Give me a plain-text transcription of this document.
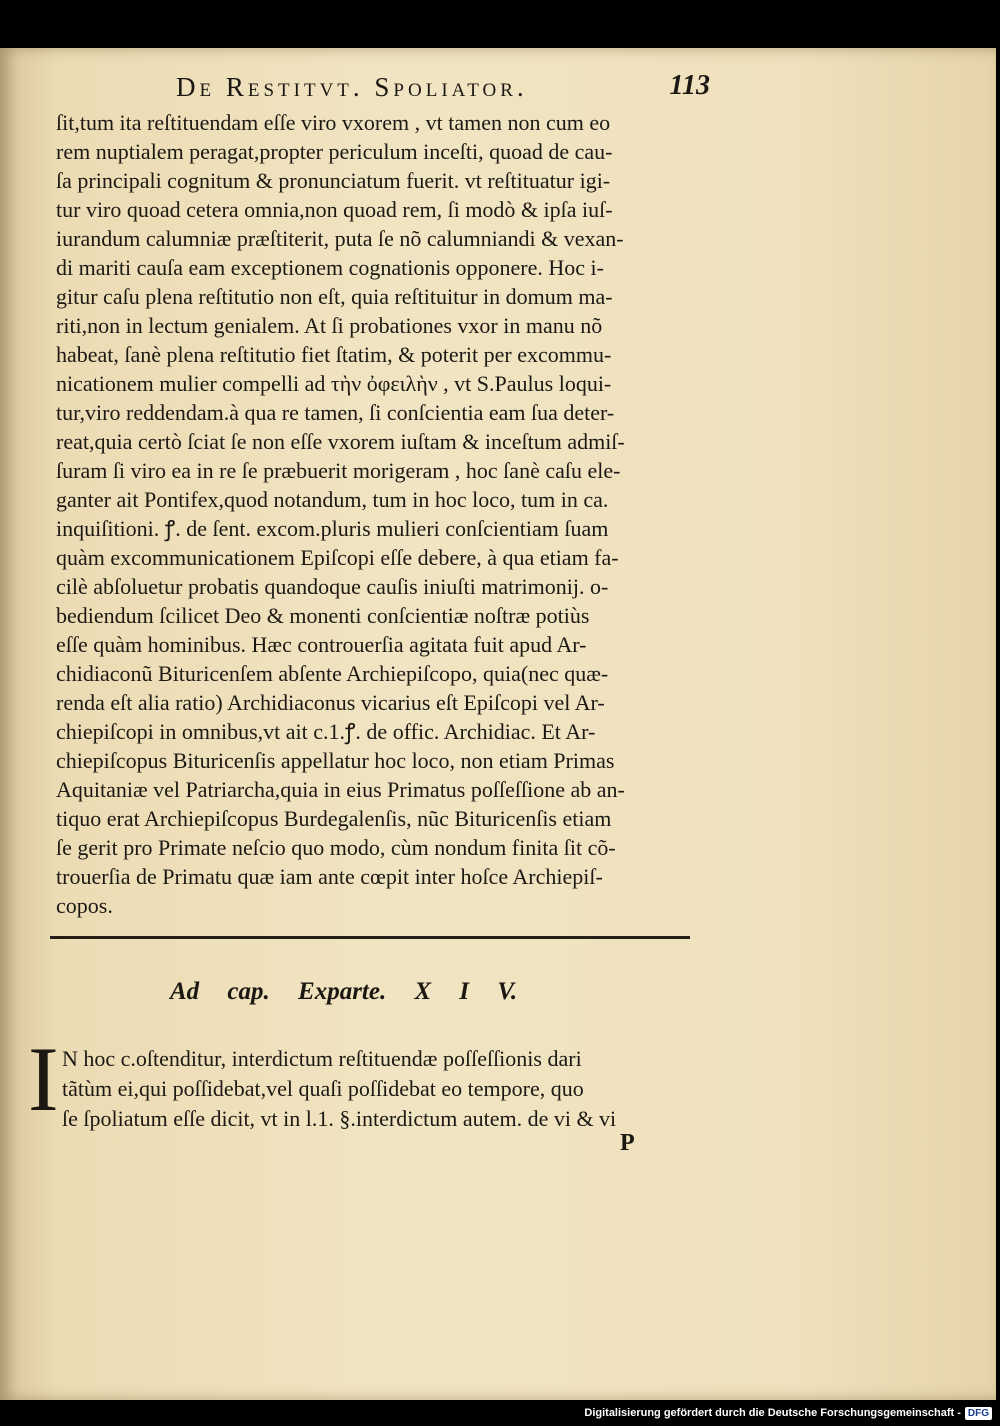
De Restitvt. Spoliator.	113
ſit,tum ita reſtituendam eſſe viro vxorem , vt tamen non cum eo
rem nuptialem peragat,propter periculum inceſti, quoad de cau-
ſa principali cognitum & pronunciatum fuerit. vt reſtituatur igi-
tur viro quoad cetera omnia,non quoad rem, ſi modò & ipſa iuſ-
iurandum calumniæ præſtiterit, puta ſe nõ calumniandi & vexan-
di mariti cauſa eam exceptionem cognationis opponere. Hoc i-
gitur caſu plena reſtitutio non eſt, quia reſtituitur in domum ma-
riti,non in lectum genialem. At ſi probationes vxor in manu nõ
habeat, ſanè plena reſtitutio fiet ſtatim, & poterit per excommu-
nicationem mulier compelli ad τὴν ὀφειλὴν , vt S.Paulus loqui-
tur,viro reddendam.à qua re tamen, ſi conſcientia eam ſua deter-
reat,quia certò ſciat ſe non eſſe vxorem iuſtam & inceſtum admiſ-
ſuram ſi viro ea in re ſe præbuerit morigeram , hoc ſanè caſu ele-
ganter ait Pontifex,quod notandum, tum in hoc loco, tum in ca.
inquiſitioni. ꝭ. de ſent. excom.pluris mulieri conſcientiam ſuam
quàm excommunicationem Epiſcopi eſſe debere, à qua etiam fa-
cilè abſoluetur probatis quandoque cauſis iniuſti matrimonij. o-
bediendum ſcilicet Deo & monenti conſcientiæ noſtræ potiùs
eſſe quàm hominibus. Hæc controuerſia agitata fuit apud Ar-
chidiaconũ Bituricenſem abſente Archiepiſcopo, quia(nec quæ-
renda eſt alia ratio) Archidiaconus vicarius eſt Epiſcopi vel Ar-
chiepiſcopi in omnibus,vt ait c.1.ꝭ. de offic. Archidiac. Et Ar-
chiepiſcopus Bituricenſis appellatur hoc loco, non etiam Primas
Aquitaniæ vel Patriarcha,quia in eius Primatus poſſeſſione ab an-
tiquo erat Archiepiſcopus Burdegalenſis, nũc Bituricenſis etiam
ſe gerit pro Primate neſcio quo modo, cùm nondum finita ſit cõ-
trouerſia de Primatu quæ iam ante cœpit inter hoſce Archiepiſ-
copos.
Ad cap. Exparte. X I V.
I N hoc c.oſtenditur, interdictum reſtituendæ poſſeſſionis dari
tãtùm ei,qui poſſidebat,vel quaſi poſſidebat eo tempore, quo
ſe ſpoliatum eſſe dicit, vt in l.1. §.interdictum autem. de vi & vi
P
Digitalisierung gefördert durch die Deutsche Forschungsgemeinschaft - DFG
